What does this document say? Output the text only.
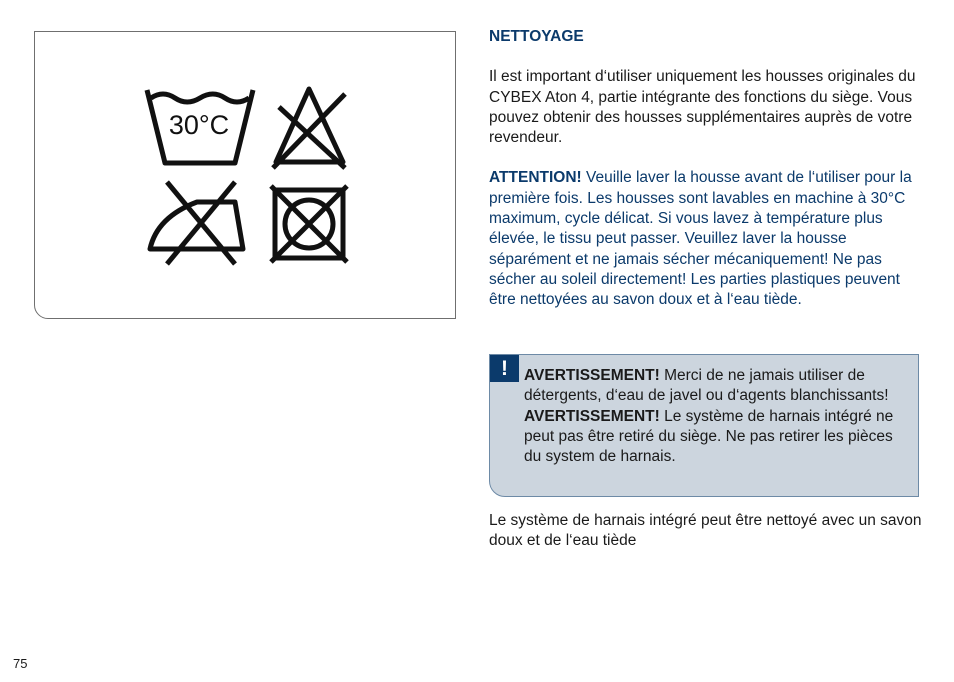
30°C

NETTOYAGE

Il est important d‘utiliser uniquement les housses originales du CYBEX Aton 4, partie intégrante des fonctions du siège. Vous pouvez obtenir des housses supplémentaires auprès de votre revendeur.

ATTENTION! Veuille laver la housse avant de l‘utiliser pour la première fois. Les housses sont lavables en machine à 30°C maximum, cycle délicat. Si vous lavez à température plus élevée, le tissu peut passer. Veuillez laver la housse séparément et ne jamais sécher mécaniquement! Ne pas sécher au soleil directement! Les parties plastiques peuvent être nettoyées au savon doux et à l‘eau tiède.

!	AVERTISSEMENT! Merci de ne jamais utiliser de détergents, d‘eau de javel ou d‘agents blanchissants!
AVERTISSEMENT! Le système de harnais intégré ne peut pas être retiré du siège. Ne pas retirer les pièces du system de harnais.
Le système de harnais intégré peut être nettoyé avec un savon doux et de l‘eau tiède
75
